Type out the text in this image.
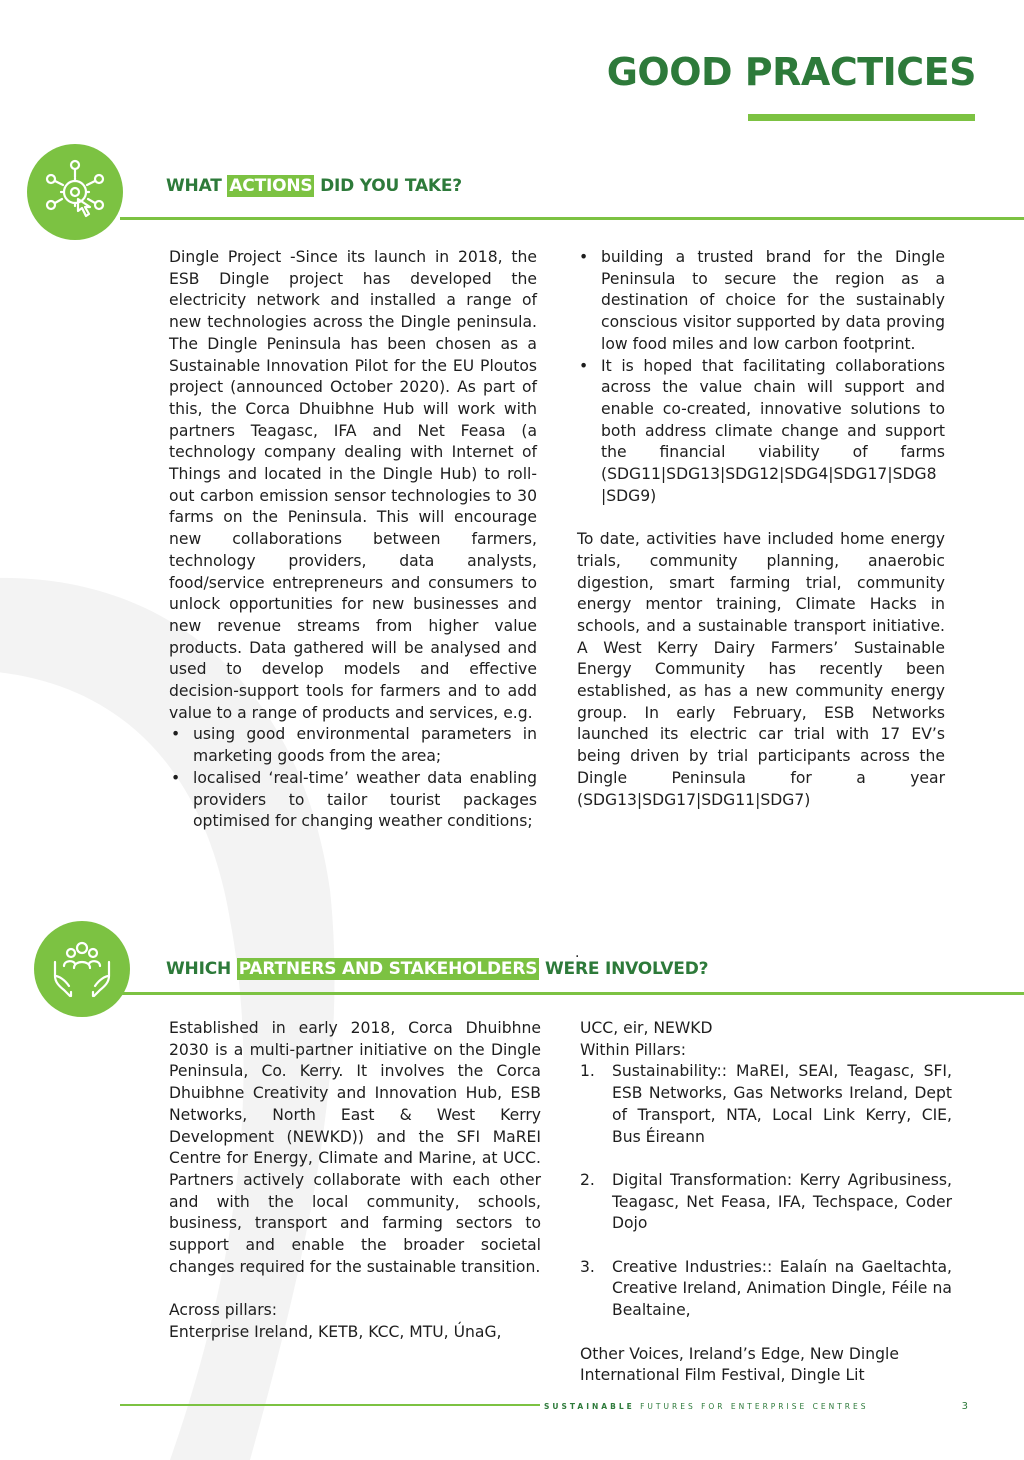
GOOD PRACTICES
WHAT ACTIONS DID YOU TAKE?

Dingle Project -Since its launch in 2018, the ESB Dingle project has developed the electricity network and installed a range of new technologies across the Dingle peninsula. The Dingle Peninsula has been chosen as a Sustainable Innovation Pilot for the EU Ploutos project (announced October 2020). As part of this, the Corca Dhuibhne Hub will work with partners Teagasc, IFA and Net Feasa (a technology company dealing with Internet of Things and located in the Dingle Hub) to roll-out carbon emission sensor technologies to 30 farms on the Peninsula. This will encourage new collaborations between farmers, technology providers, data analysts, food/service entrepreneurs and consumers to unlock opportunities for new businesses and new revenue streams from higher value products. Data gathered will be analysed and used to develop models and effective decision-support tools for farmers and to add value to a range of products and services, e.g.

• using good environmental parameters in marketing goods from the area;
• localised ‘real-time’ weather data enabling providers to tailor tourist packages optimised for changing weather conditions;
• building a trusted brand for the Dingle Peninsula to secure the region as a destination of choice for the sustainably conscious visitor supported by data proving low food miles and low carbon footprint.
• It is hoped that facilitating collaborations across the value chain will support and enable co-created, innovative solutions to both address climate change and support the financial viability of farms (SDG11|SDG13|SDG12|SDG4|SDG17|SDG8 |SDG9)

To date, activities have included home energy trials, community planning, anaerobic digestion, smart farming trial, community energy mentor training, Climate Hacks in schools, and a sustainable transport initiative. A West Kerry Dairy Farmers’ Sustainable Energy Community has recently been established, as has a new community energy group. In early February, ESB Networks launched its electric car trial with 17 EV’s being driven by trial participants across the Dingle Peninsula for a year (SDG13|SDG17|SDG11|SDG7)

.
WHICH PARTNERS AND STAKEHOLDERS WERE INVOLVED?

Established in early 2018, Corca Dhuibhne 2030 is a multi-partner initiative on the Dingle Peninsula, Co. Kerry. It involves the Corca Dhuibhne Creativity and Innovation Hub, ESB Networks, North East & West Kerry Development (NEWKD)) and the SFI MaREI Centre for Energy, Climate and Marine, at UCC. Partners actively collaborate with each other and with the local community, schools, business, transport and farming sectors to support and enable the broader societal changes required for the sustainable transition.

Across pillars:

Enterprise Ireland, KETB, KCC, MTU, ÚnaG,

UCC, eir, NEWKD

Within Pillars:

1. Sustainability:: MaREI, SEAI, Teagasc, SFI, ESB Networks, Gas Networks Ireland, Dept of Transport, NTA, Local Link Kerry, CIE, Bus Éireann
2. Digital Transformation: Kerry Agribusiness, Teagasc, Net Feasa, IFA, Techspace, Coder Dojo
3. Creative Industries:: Ealaín na Gaeltachta, Creative Ireland, Animation Dingle, Féile na Bealtaine,

Other Voices, Ireland’s Edge, New Dingle International Film Festival, Dingle Lit

SUSTAINABLE FUTURES FOR ENTERPRISE CENTRES	3
